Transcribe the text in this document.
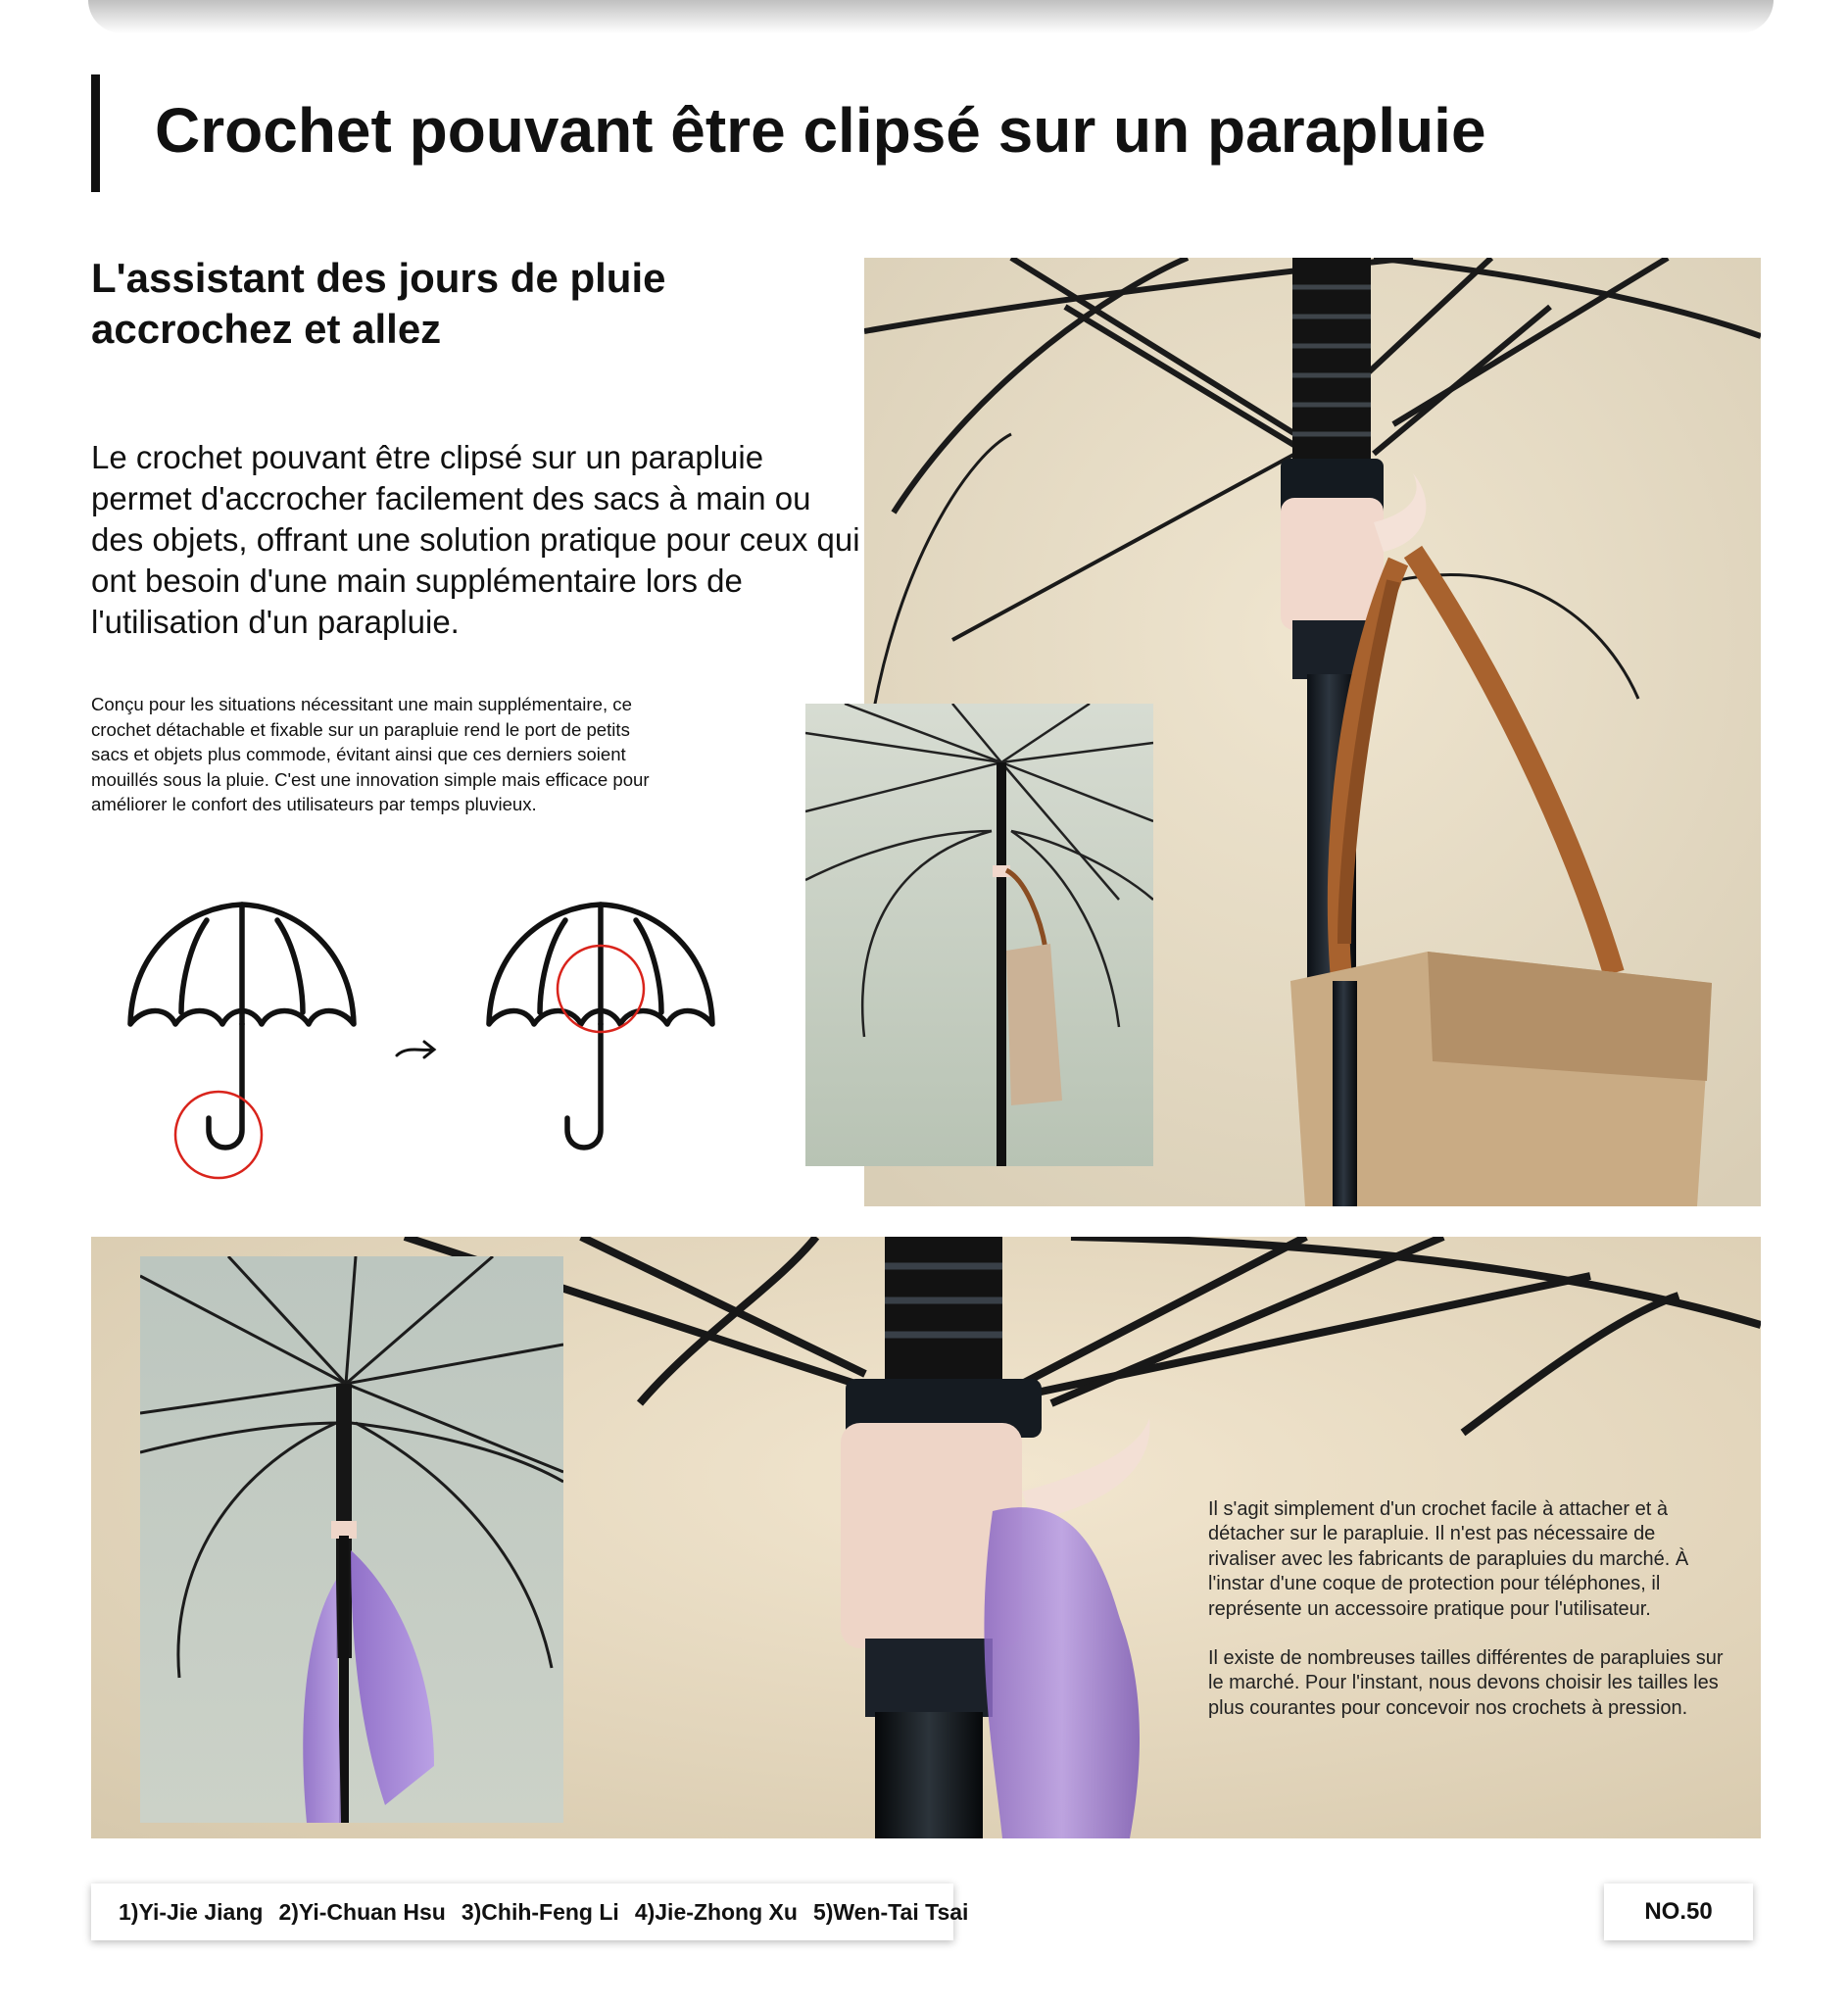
Crochet pouvant être clipsé sur un parapluie
L'assistant des jours de pluie
accrochez et allez

Le crochet pouvant être clipsé sur un parapluie permet d'accrocher facilement des sacs à main ou des objets, offrant une solution pratique pour ceux qui ont besoin d'une main supplémentaire lors de l'utilisation d'un parapluie.

Conçu pour les situations nécessitant une main supplémentaire, ce crochet détachable et fixable sur un parapluie rend le port de petits sacs et objets plus commode, évitant ainsi que ces derniers soient mouillés sous la pluie. C'est une innovation simple mais efficace pour améliorer le confort des utilisateurs par temps pluvieux.

Il s'agit simplement d'un crochet facile à attacher et à détacher sur le parapluie. Il n'est pas nécessaire de rivaliser avec les fabricants de parapluies du marché. À l'instar d'une coque de protection pour téléphones, il représente un accessoire pratique pour l'utilisateur.

Il existe de nombreuses tailles différentes de parapluies sur le marché. Pour l'instant, nous devons choisir les tailles les plus courantes pour concevoir nos crochets à pression.

1)Yi-Jie Jiang 2)Yi-Chuan Hsu 3)Chih-Feng Li 4)Jie-Zhong Xu 5)Wen-Tai Tsai	NO.50
